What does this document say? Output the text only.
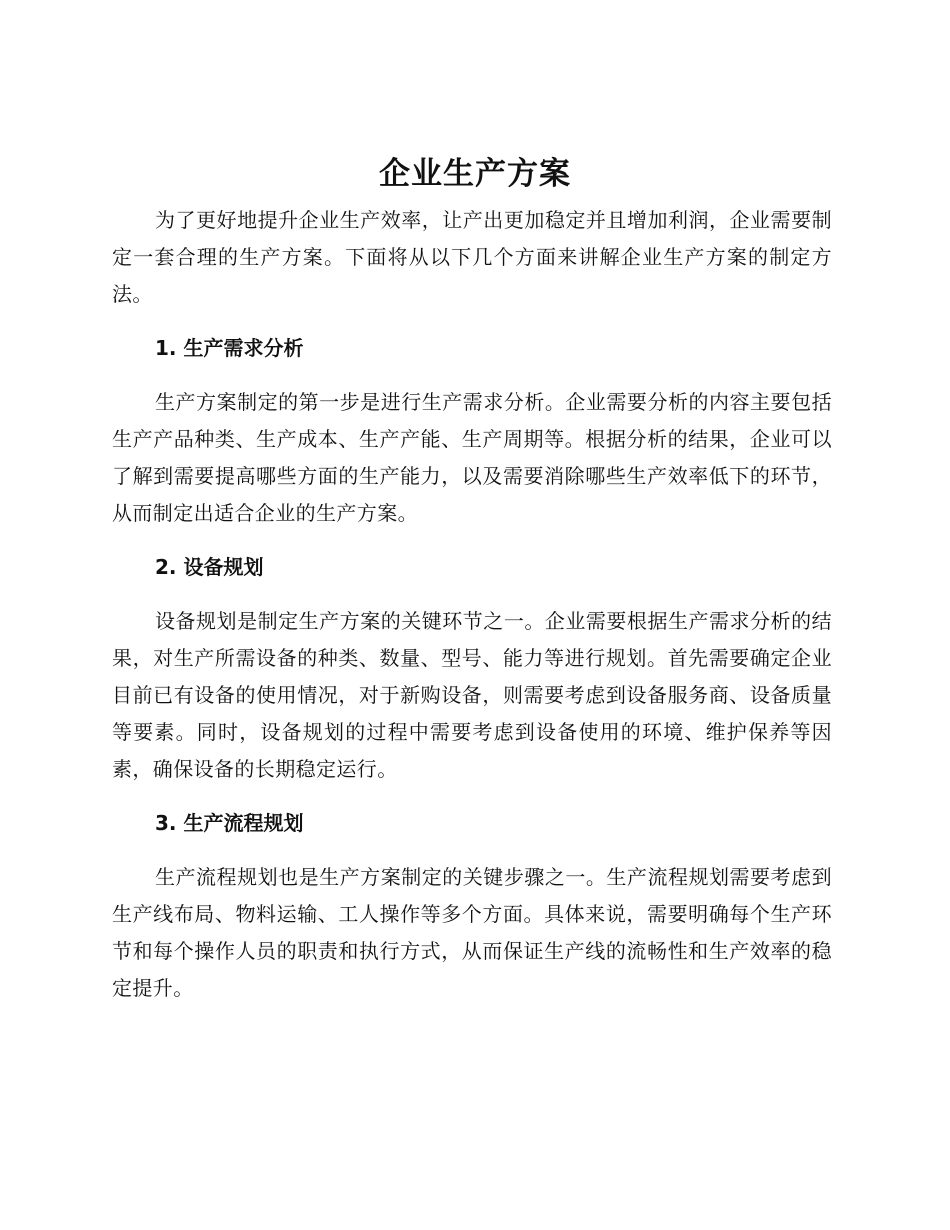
企业生产方案

为了更好地提升企业生产效率，让产出更加稳定并且增加利润，企业需要制定一套合理的生产方案。下面将从以下几个方面来讲解企业生产方案的制定方法。

1. 生产需求分析

生产方案制定的第一步是进行生产需求分析。企业需要分析的内容主要包括生产产品种类、生产成本、生产产能、生产周期等。根据分析的结果，企业可以了解到需要提高哪些方面的生产能力，以及需要消除哪些生产效率低下的环节，从而制定出适合企业的生产方案。

2. 设备规划

设备规划是制定生产方案的关键环节之一。企业需要根据生产需求分析的结果，对生产所需设备的种类、数量、型号、能力等进行规划。首先需要确定企业目前已有设备的使用情况，对于新购设备，则需要考虑到设备服务商、设备质量等要素。同时，设备规划的过程中需要考虑到设备使用的环境、维护保养等因素，确保设备的长期稳定运行。

3. 生产流程规划

生产流程规划也是生产方案制定的关键步骤之一。生产流程规划需要考虑到生产线布局、物料运输、工人操作等多个方面。具体来说，需要明确每个生产环节和每个操作人员的职责和执行方式，从而保证生产线的流畅性和生产效率的稳定提升。
